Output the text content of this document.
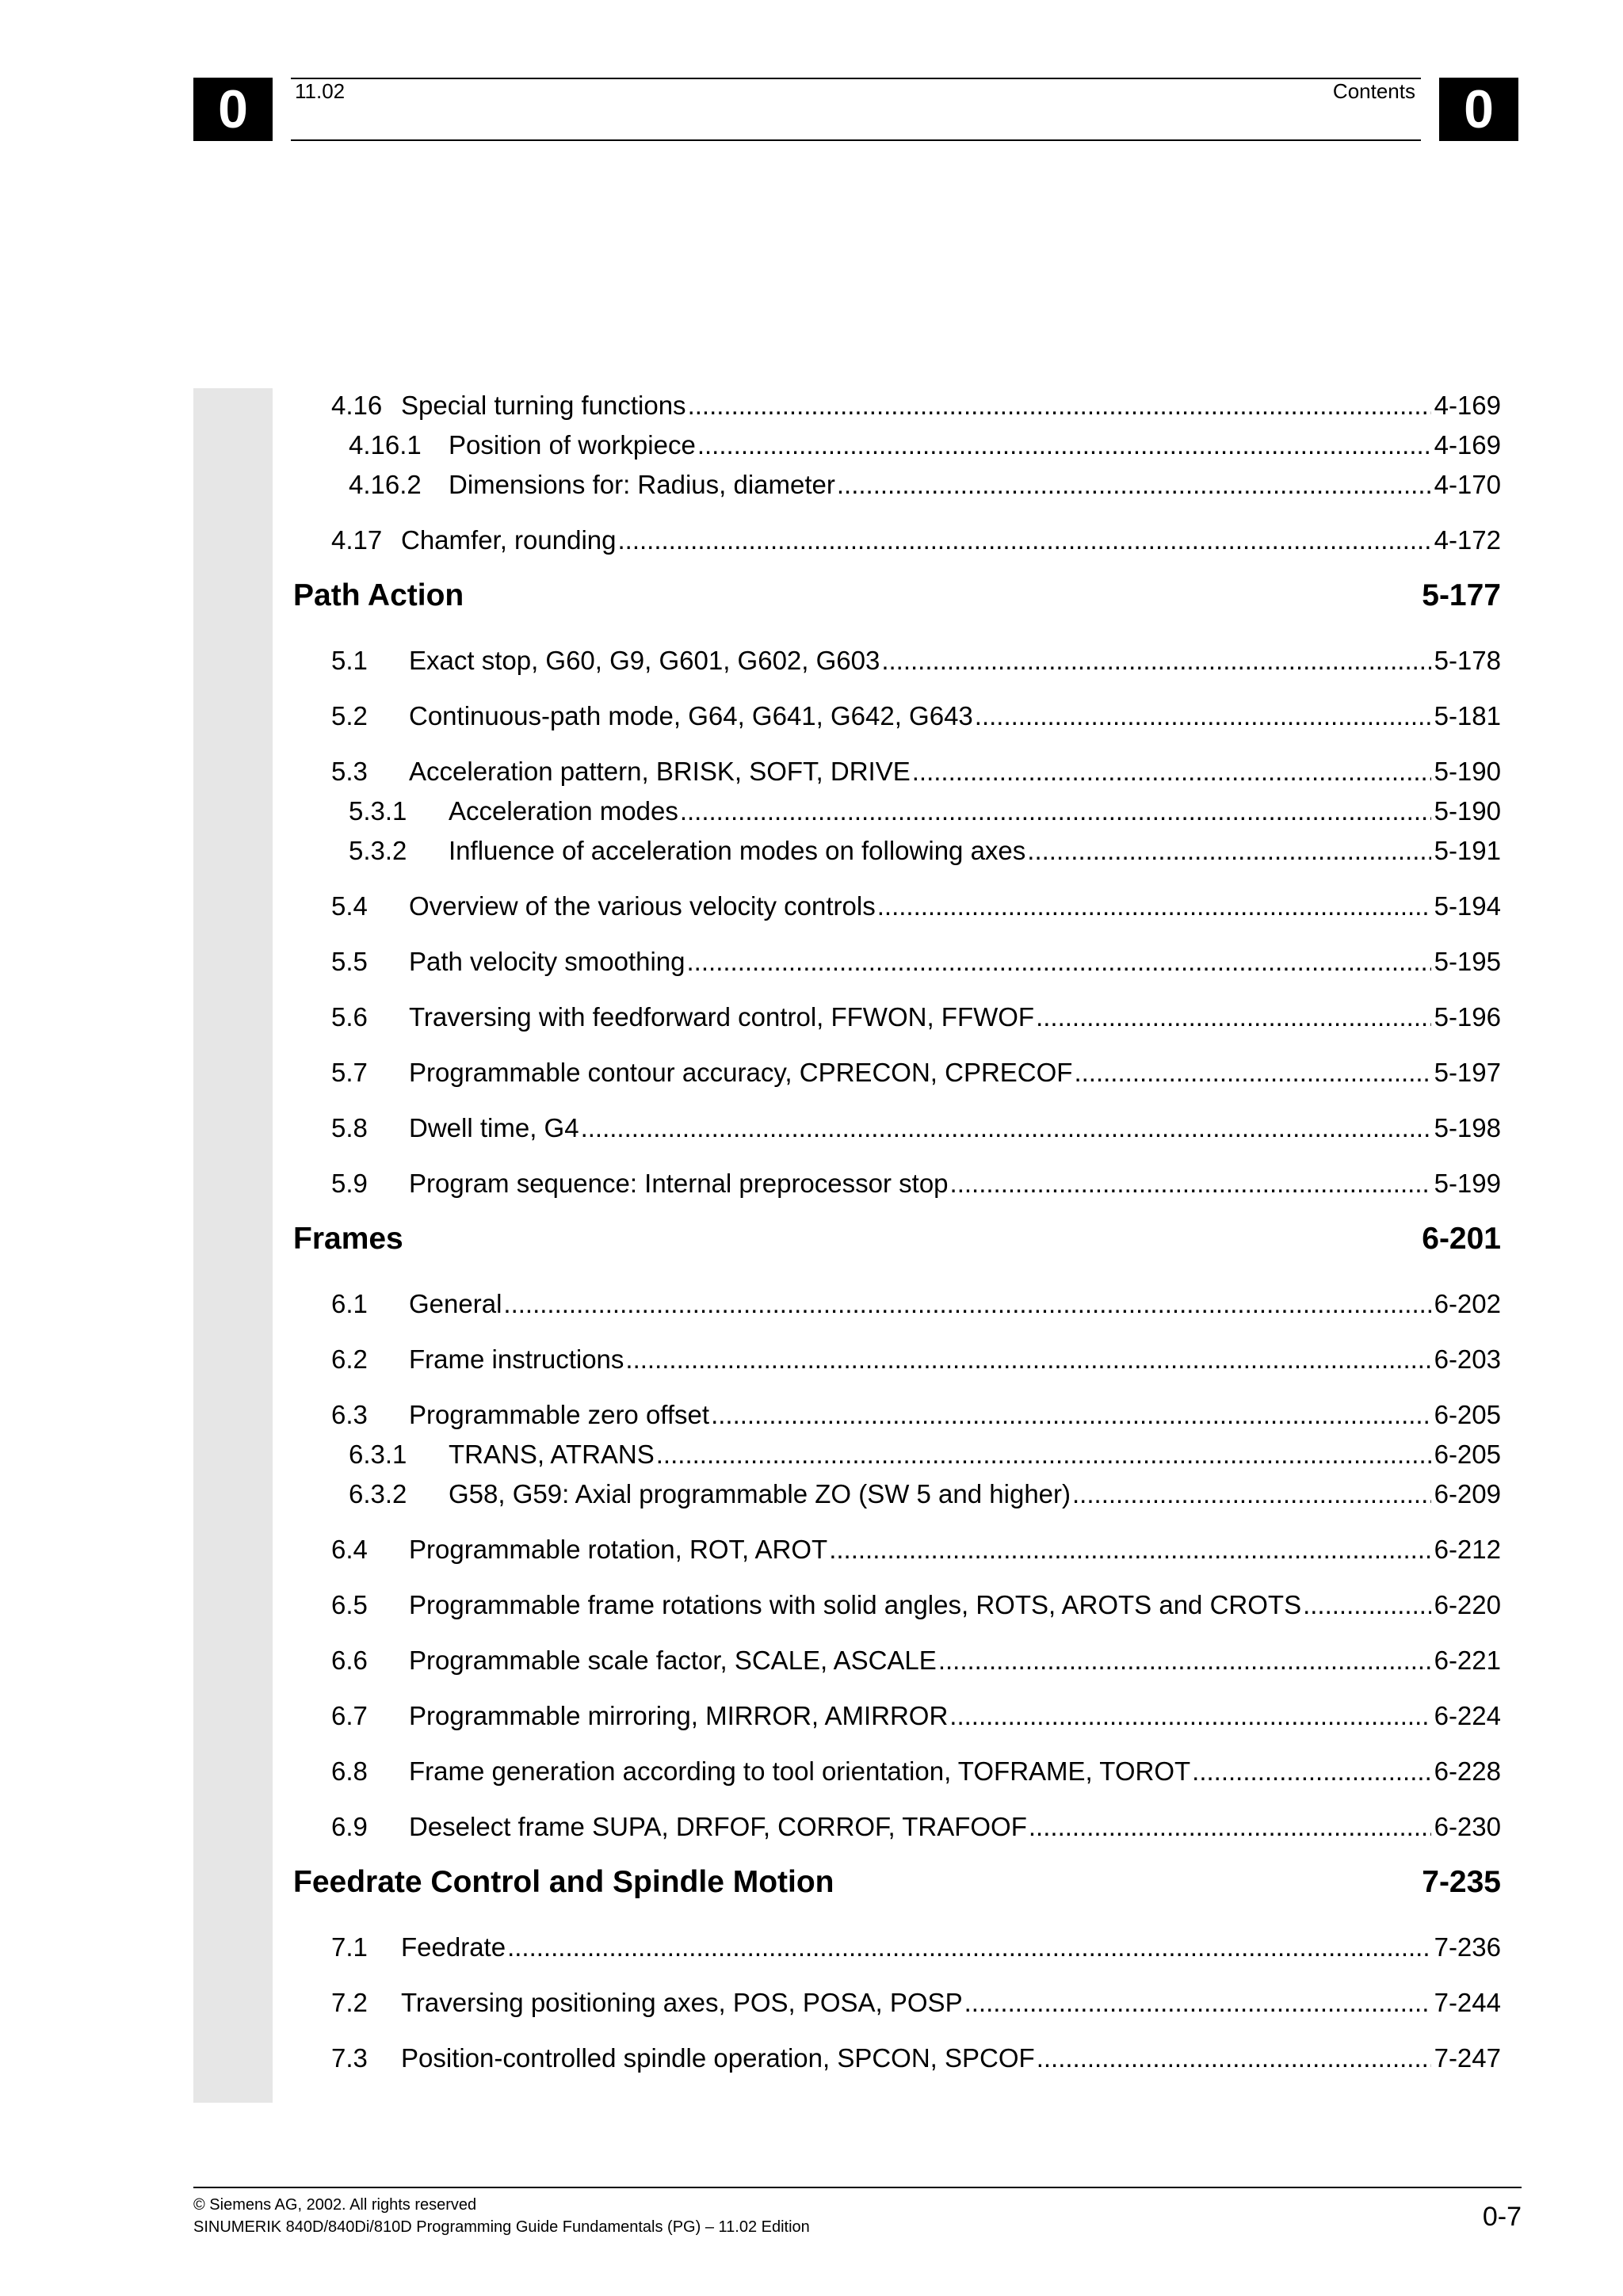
0	0
11.02	Contents
4.16 Special turning functions .....	4-169
4.16.1	Position of workpiece .....	4-169
4.16.2	Dimensions for: Radius, diameter .....	4-170
4.17 Chamfer, rounding .....	4-172
Path Action	5-177
5.1	Exact stop, G60, G9, G601, G602, G603 .....	5-178
5.2	Continuous-path mode, G64, G641, G642, G643 .....	5-181
5.3	Acceleration pattern, BRISK, SOFT, DRIVE .....	5-190
5.3.1	Acceleration modes .....	5-190
5.3.2	Influence of acceleration modes on following axes .....	5-191
5.4	Overview of the various velocity controls .....	5-194
5.5	Path velocity smoothing .....	5-195
5.6	Traversing with feedforward control, FFWON, FFWOF .....	5-196
5.7	Programmable contour accuracy, CPRECON, CPRECOF .....	5-197
5.8	Dwell time, G4 .....	5-198
5.9	Program sequence: Internal preprocessor stop .....	5-199
Frames	6-201
6.1	General .....	6-202
6.2	Frame instructions .....	6-203
6.3	Programmable zero offset .....	6-205
6.3.1	TRANS, ATRANS .....	6-205
6.3.2	G58, G59: Axial programmable ZO (SW 5 and higher) .....	6-209
6.4	Programmable rotation, ROT, AROT .....	6-212
6.5	Programmable frame rotations with solid angles, ROTS, AROTS and CROTS .....	6-220
6.6	Programmable scale factor, SCALE, ASCALE .....	6-221
6.7	Programmable mirroring, MIRROR, AMIRROR .....	6-224
6.8	Frame generation according to tool orientation, TOFRAME, TOROT .....	6-228
6.9	Deselect frame SUPA, DRFOF, CORROF, TRAFOOF .....	6-230
Feedrate Control and Spindle Motion	7-235
7.1	Feedrate .....	7-236
7.2	Traversing positioning axes, POS, POSA, POSP .....	7-244
7.3	Position-controlled spindle operation, SPCON, SPCOF .....	7-247
© Siemens AG, 2002. All rights reserved
SINUMERIK 840D/840Di/810D Programming Guide Fundamentals (PG) – 11.02 Edition	0-7
